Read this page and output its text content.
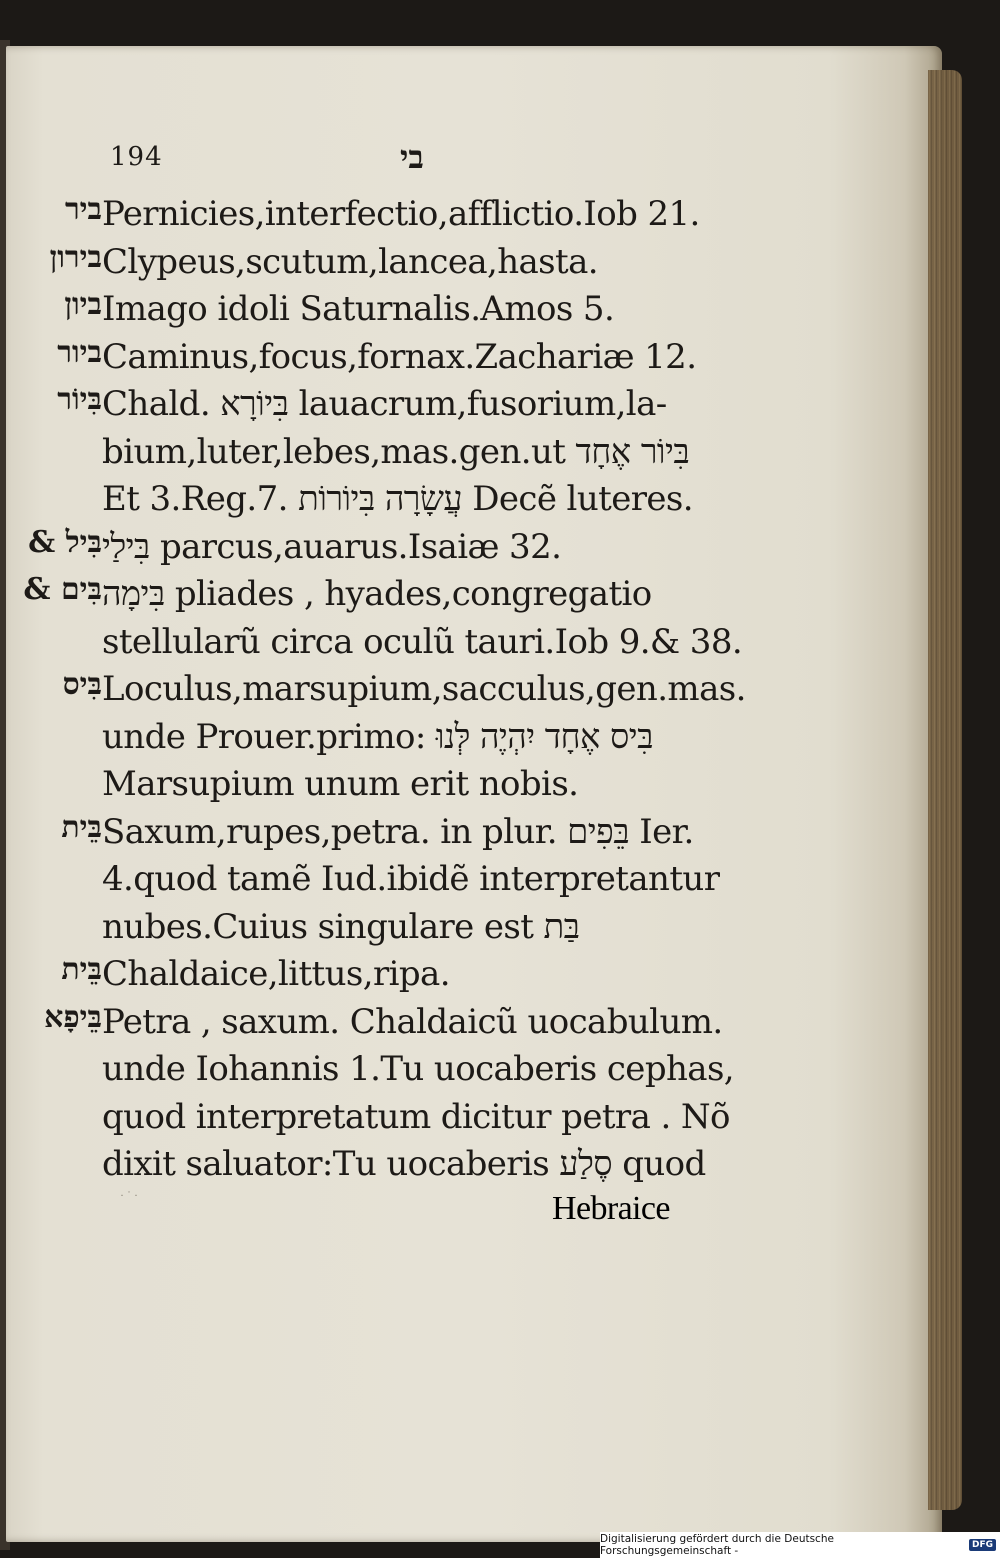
194	בי
ביר Pernicies,interfectio,afflictio.Iob 21.
בירון Clypeus,scutum,lancea,hasta.
ביון Imago idoli Saturnalis.Amos 5.
ביור Caminus,focus,fornax.Zachariæ 12.
בִּיוֹר Chald. בִּיוֹרָא lauacrum,fusorium,la-
bium,luter,lebes,mas.gen.ut בִּיוֹר אֶחָד
Et 3.Reg.7. עֲשָׂרָה בִּיוֹרוֹת Decẽ luteres.
בִּיל & בִּילַי parcus,auarus.Isaiæ 32.
בִּים & בִּימָה pliades , hyades,congregatio
stellularũ circa oculũ tauri.Iob 9.& 38.
בִּיס Loculus,marsupium,sacculus,gen.mas.
unde Prouer.primo: בִּיס אֶחָד יִהְיֶה לְּנוּ
Marsupium unum erit nobis.
בֵּית Saxum,rupes,petra. in plur. בֵּפִים Ier.
4.quod tamẽ Iud.ibidẽ interpretantur
nubes.Cuius singulare est בַּת
בֵּית Chaldaice,littus,ripa.
בֵּיפָא Petra , saxum. Chaldaicũ uocabulum.
unde Iohannis 1.Tu uocaberis cephas,
quod interpretatum dicitur petra . Nõ
dixit saluator:Tu uocaberis סֶלַע quod
Hebraice
· ˙ ·
Digitalisierung gefördert durch die Deutsche Forschungsgemeinschaft -	DFG
